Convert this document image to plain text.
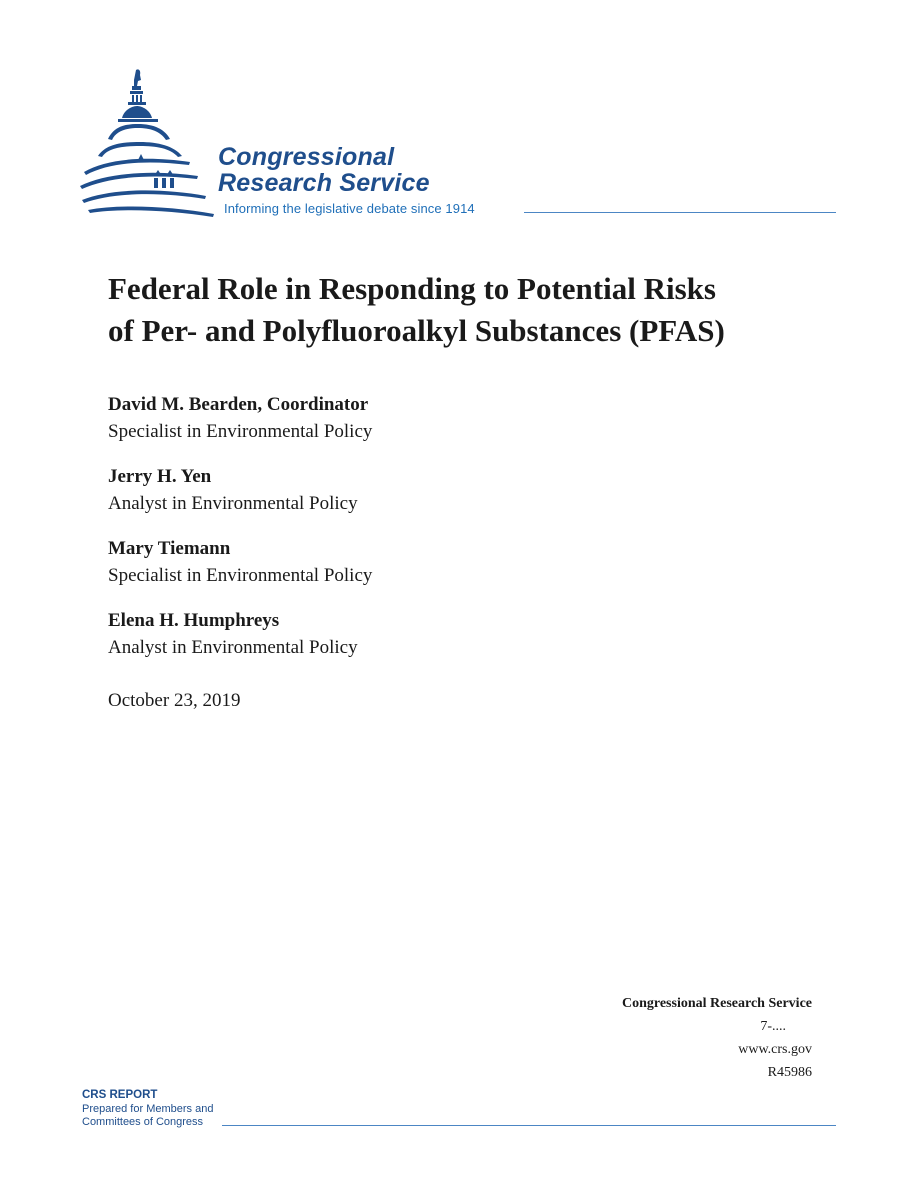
Congressional
Research Service
Informing the legislative debate since 1914
Federal Role in Responding to Potential Risks
of Per- and Polyfluoroalkyl Substances (PFAS)
David M. Bearden, Coordinator
Specialist in Environmental Policy
Jerry H. Yen
Analyst in Environmental Policy
Mary Tiemann
Specialist in Environmental Policy
Elena H. Humphreys
Analyst in Environmental Policy
October 23, 2019
Congressional Research Service
7-....
www.crs.gov
R45986
CRS REPORT
Prepared for Members and
Committees of Congress
